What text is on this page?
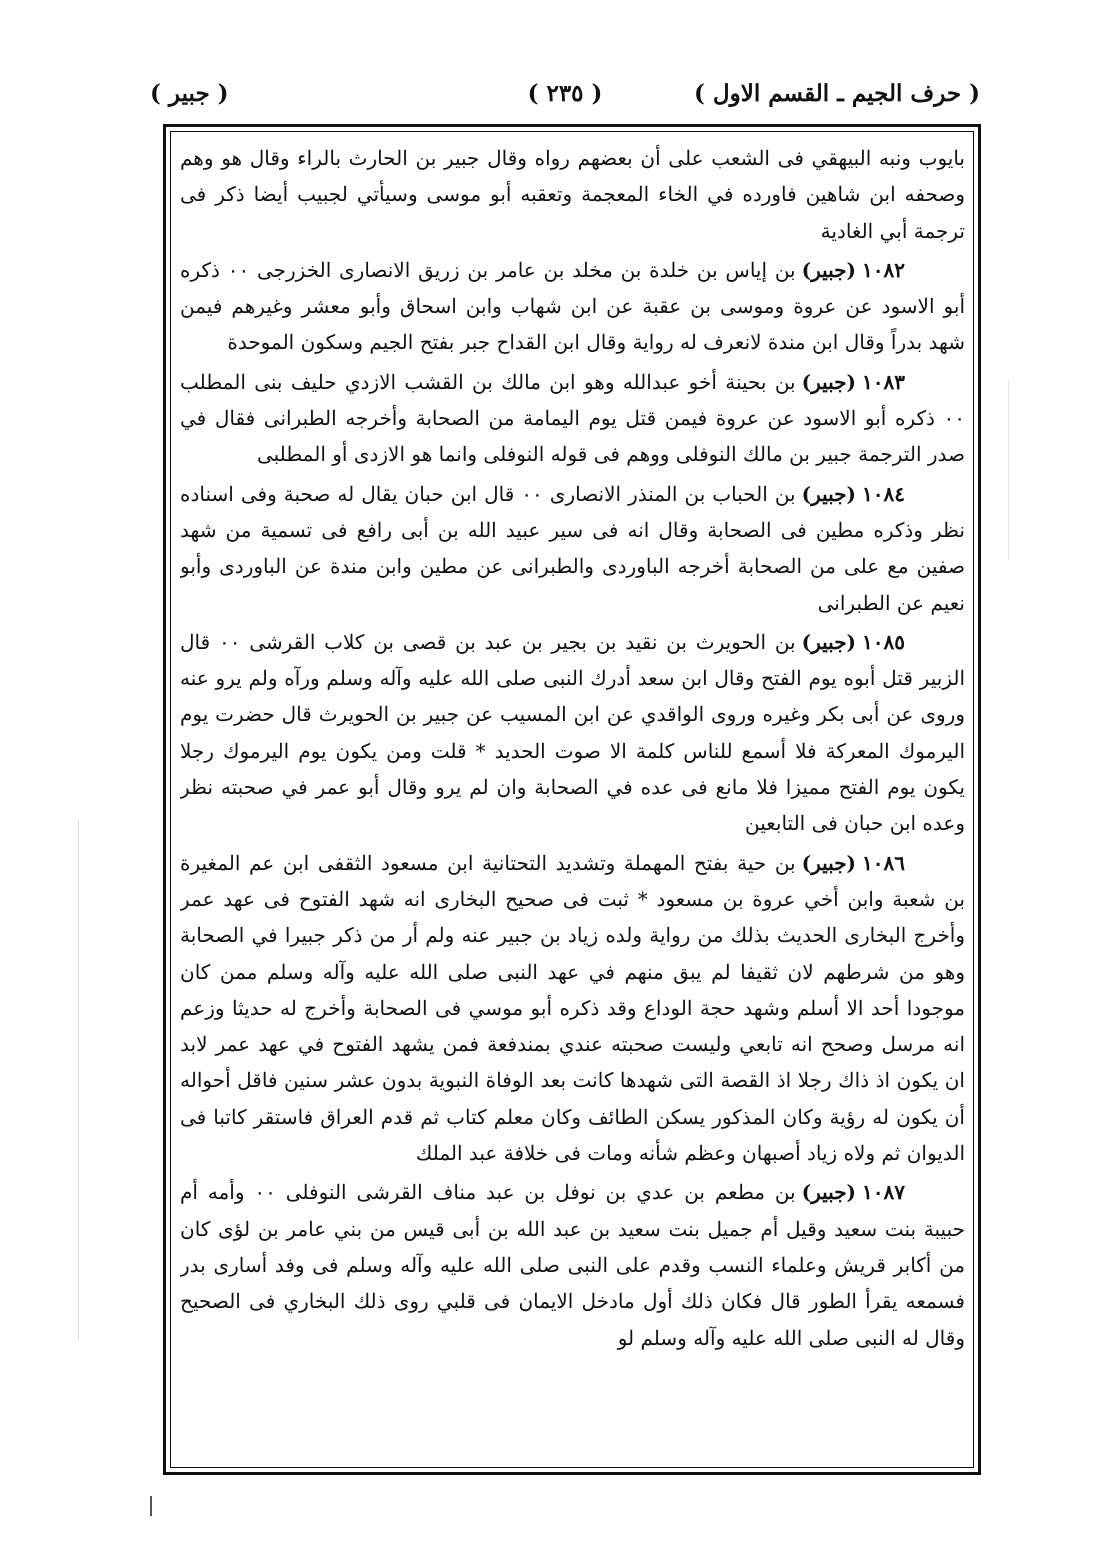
( حرف الجيم ـ القسم الاول )
( ٢٣٥ )
( جبير )

بايوب ونبه البيهقي فى الشعب على أن بعضهم رواه وقال جبير بن الحارث بالراء وقال هو وهم وصحفه ابن شاهين فاورده في الخاء المعجمة وتعقبه أبو موسى وسيأتي لجبيب أيضا ذكر فى ترجمة أبي الغادية

١٠٨٢(جبير)بن إياس بن خلدة بن مخلد بن عامر بن زريق الانصارى الخزرجى ٠٠ ذكره أبو الاسود عن عروة وموسى بن عقبة عن ابن شهاب وابن اسحاق وأبو معشر وغيرهم فيمن شهد بدراً وقال ابن مندة لانعرف له رواية وقال ابن القداح جبر بفتح الجيم وسكون الموحدة

١٠٨٣(جبير)بن بحينة أخو عبدالله وهو ابن مالك بن القشب الازدي حليف بنى المطلب ٠٠ ذكره أبو الاسود عن عروة فيمن قتل يوم اليمامة من الصحابة وأخرجه الطبرانى فقال في صدر الترجمة جبير بن مالك النوفلى ووهم فى قوله النوفلى وانما هو الازدى أو المطلبى

١٠٨٤(جبير)بن الحباب بن المنذر الانصارى ٠٠ قال ابن حبان يقال له صحبة وفى اسناده نظر وذكره مطين فى الصحابة وقال انه فى سير عبيد الله بن أبى رافع فى تسمية من شهد صفين مع على من الصحابة أخرجه الباوردى والطبرانى عن مطين وابن مندة عن الباوردى وأبو نعيم عن الطبرانى

١٠٨٥(جبير)بن الحويرث بن نقيد بن بجير بن عبد بن قصى بن كلاب القرشى ٠٠ قال الزبير قتل أبوه يوم الفتح وقال ابن سعد أدرك النبى صلى الله عليه وآله وسلم ورآه ولم يرو عنه وروى عن أبى بكر وغيره وروى الواقدي عن ابن المسيب عن جبير بن الحويرث قال حضرت يوم اليرموك المعركة فلا أسمع للناس كلمة الا صوت الحديد * قلت ومن يكون يوم اليرموك رجلا يكون يوم الفتح مميزا فلا مانع فى عده في الصحابة وان لم يرو وقال أبو عمر في صحبته نظر وعده ابن حبان فى التابعين

١٠٨٦(جبير)بن حية بفتح المهملة وتشديد التحتانية ابن مسعود الثقفى ابن عم المغيرة بن شعبة وابن أخي عروة بن مسعود * ثبت فى صحيح البخارى انه شهد الفتوح فى عهد عمر وأخرج البخارى الحديث بذلك من رواية ولده زياد بن جبير عنه ولم أر من ذكر جبيرا في الصحابة وهو من شرطهم لان ثقيفا لم يبق منهم في عهد النبى صلى الله عليه وآله وسلم ممن كان موجودا أحد الا أسلم وشهد حجة الوداع وقد ذكره أبو موسي فى الصحابة وأخرج له حديثا وزعم انه مرسل وصحح انه تابعي وليست صحبته عندي بمندفعة فمن يشهد الفتوح في عهد عمر لابد ان يكون اذ ذاك رجلا اذ القصة التى شهدها كانت بعد الوفاة النبوية بدون عشر سنين فاقل أحواله أن يكون له رؤية وكان المذكور يسكن الطائف وكان معلم كتاب ثم قدم العراق فاستقر كاتبا فى الديوان ثم ولاه زياد أصبهان وعظم شأنه ومات فى خلافة عبد الملك

١٠٨٧(جبير)بن مطعم بن عدي بن نوفل بن عبد مناف القرشى النوفلى ٠٠ وأمه أم حبيبة بنت سعيد وقيل أم جميل بنت سعيد بن عبد الله بن أبى قيس من بني عامر بن لؤى كان من أكابر قريش وعلماء النسب وقدم على النبى صلى الله عليه وآله وسلم فى وفد أسارى بدر فسمعه يقرأ الطور قال فكان ذلك أول مادخل الايمان فى قلبي روى ذلك البخاري فى الصحيح وقال له النبى صلى الله عليه وآله وسلم لو
